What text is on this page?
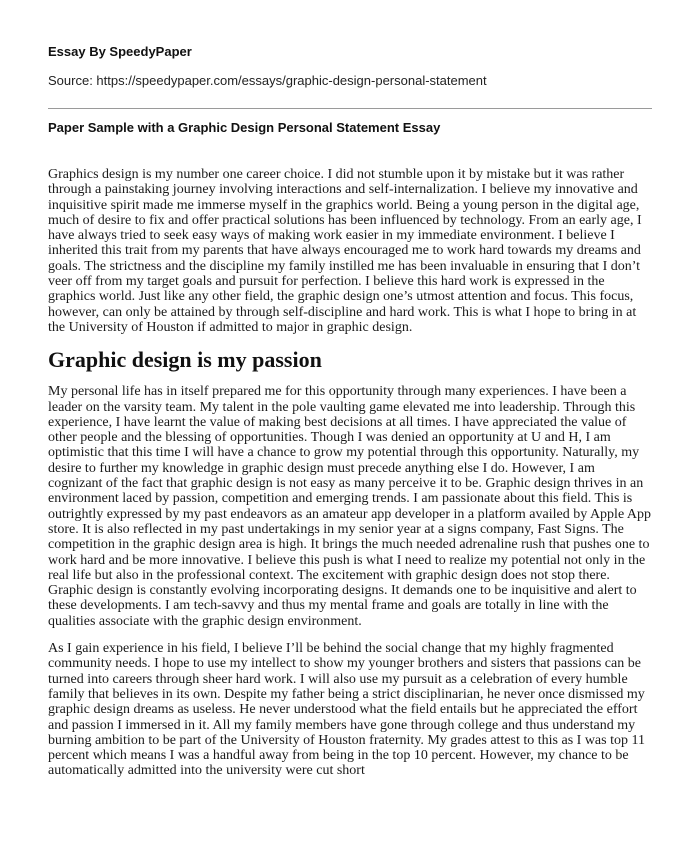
Essay By SpeedyPaper
Source: https://speedypaper.com/essays/graphic-design-personal-statement
Paper Sample with a Graphic Design Personal Statement Essay

Graphics design is my number one career choice. I did not stumble upon it by mistake but it was rather through a painstaking journey involving interactions and self-internalization. I believe my innovative and inquisitive spirit made me immerse myself in the graphics world. Being a young person in the digital age, much of desire to fix and offer practical solutions has been influenced by technology. From an early age, I have always tried to seek easy ways of making work easier in my immediate environment. I believe I inherited this trait from my parents that have always encouraged me to work hard towards my dreams and goals. The strictness and the discipline my family instilled me has been invaluable in ensuring that I don’t veer off from my target goals and pursuit for perfection. I believe this hard work is expressed in the graphics world. Just like any other field, the graphic design one’s utmost attention and focus. This focus, however, can only be attained by through self-discipline and hard work. This is what I hope to bring in at the University of Houston if admitted to major in graphic design.

Graphic design is my passion

My personal life has in itself prepared me for this opportunity through many experiences. I have been a leader on the varsity team. My talent in the pole vaulting game elevated me into leadership. Through this experience, I have learnt the value of making best decisions at all times. I have appreciated the value of other people and the blessing of opportunities. Though I was denied an opportunity at U and H, I am optimistic that this time I will have a chance to grow my potential through this opportunity. Naturally, my desire to further my knowledge in graphic design must precede anything else I do. However, I am cognizant of the fact that graphic design is not easy as many perceive it to be. Graphic design thrives in an environment laced by passion, competition and emerging trends. I am passionate about this field. This is outrightly expressed by my past endeavors as an amateur app developer in a platform availed by Apple App store. It is also reflected in my past undertakings in my senior year at a signs company, Fast Signs. The competition in the graphic design area is high. It brings the much needed adrenaline rush that pushes one to work hard and be more innovative. I believe this push is what I need to realize my potential not only in the real life but also in the professional context. The excitement with graphic design does not stop there. Graphic design is constantly evolving incorporating designs. It demands one to be inquisitive and alert to these developments. I am tech-savvy and thus my mental frame and goals are totally in line with the qualities associate with the graphic design environment.

As I gain experience in his field, I believe I’ll be behind the social change that my highly fragmented community needs. I hope to use my intellect to show my younger brothers and sisters that passions can be turned into careers through sheer hard work. I will also use my pursuit as a celebration of every humble family that believes in its own. Despite my father being a strict disciplinarian, he never once dismissed my graphic design dreams as useless. He never understood what the field entails but he appreciated the effort and passion I immersed in it. All my family members have gone through college and thus understand my burning ambition to be part of the University of Houston fraternity. My grades attest to this as I was top 11 percent which means I was a handful away from being in the top 10 percent. However, my chance to be automatically admitted into the university were cut short
